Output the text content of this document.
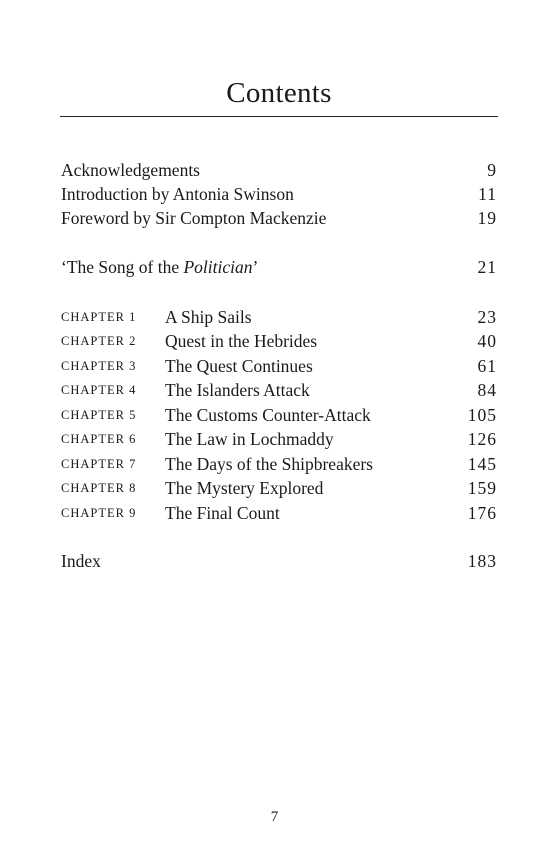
Contents
Acknowledgements	9
Introduction by Antonia Swinson	11
Foreword by Sir Compton Mackenzie	19
‘The Song of the Politician’	21
CHAPTER 1 A Ship Sails	23
CHAPTER 2 Quest in the Hebrides	40
CHAPTER 3 The Quest Continues	61
CHAPTER 4 The Islanders Attack	84
CHAPTER 5 The Customs Counter-Attack	105
CHAPTER 6 The Law in Lochmaddy	126
CHAPTER 7 The Days of the Shipbreakers	145
CHAPTER 8 The Mystery Explored	159
CHAPTER 9 The Final Count	176
Index	183
7
